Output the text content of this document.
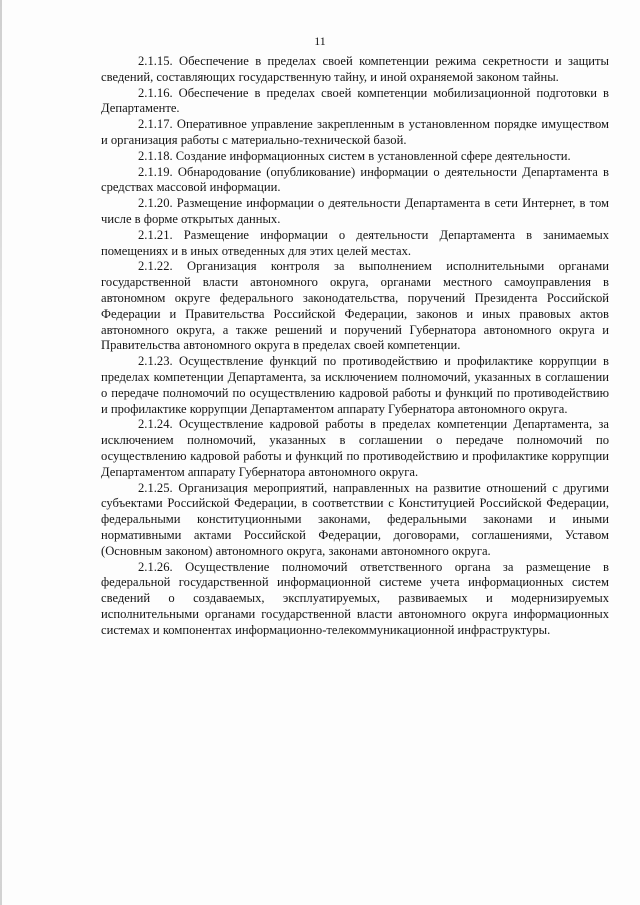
11

2.1.15. Обеспечение в пределах своей компетенции режима секретности и защиты сведений, составляющих государственную тайну, и иной охраняемой законом тайны.

2.1.16. Обеспечение в пределах своей компетенции мобилизационной подготовки в Департаменте.

2.1.17. Оперативное управление закрепленным в установленном порядке имуществом и организация работы с материально-технической базой.

2.1.18. Создание информационных систем в установленной сфере деятельности.

2.1.19. Обнародование (опубликование) информации о деятельности Департамента в средствах массовой информации.

2.1.20. Размещение информации о деятельности Департамента в сети Интернет, в том числе в форме открытых данных.

2.1.21. Размещение информации о деятельности Департамента в занимаемых помещениях и в иных отведенных для этих целей местах.

2.1.22. Организация контроля за выполнением исполнительными органами государственной власти автономного округа, органами местного самоуправления в автономном округе федерального законодательства, поручений Президента Российской Федерации и Правительства Российской Федерации, законов и иных правовых актов автономного округа, а также решений и поручений Губернатора автономного округа и Правительства автономного округа в пределах своей компетенции.

2.1.23. Осуществление функций по противодействию и профилактике коррупции в пределах компетенции Департамента, за исключением полномочий, указанных в соглашении о передаче полномочий по осуществлению кадровой работы и функций по противодействию и профилактике коррупции Департаментом аппарату Губернатора автономного округа.

2.1.24. Осуществление кадровой работы в пределах компетенции Департамента, за исключением полномочий, указанных в соглашении о передаче полномочий по осуществлению кадровой работы и функций по противодействию и профилактике коррупции Департаментом аппарату Губернатора автономного округа.

2.1.25. Организация мероприятий, направленных на развитие отношений с другими субъектами Российской Федерации, в соответствии с Конституцией Российской Федерации, федеральными конституционными законами, федеральными законами и иными нормативными актами Российской Федерации, договорами, соглашениями, Уставом (Основным законом) автономного округа, законами автономного округа.

2.1.26. Осуществление полномочий ответственного органа за размещение в федеральной государственной информационной системе учета информационных систем сведений о создаваемых, эксплуатируемых, развиваемых и модернизируемых исполнительными органами государственной власти автономного округа информационных системах и компонентах информационно-телекоммуникационной инфраструктуры.
